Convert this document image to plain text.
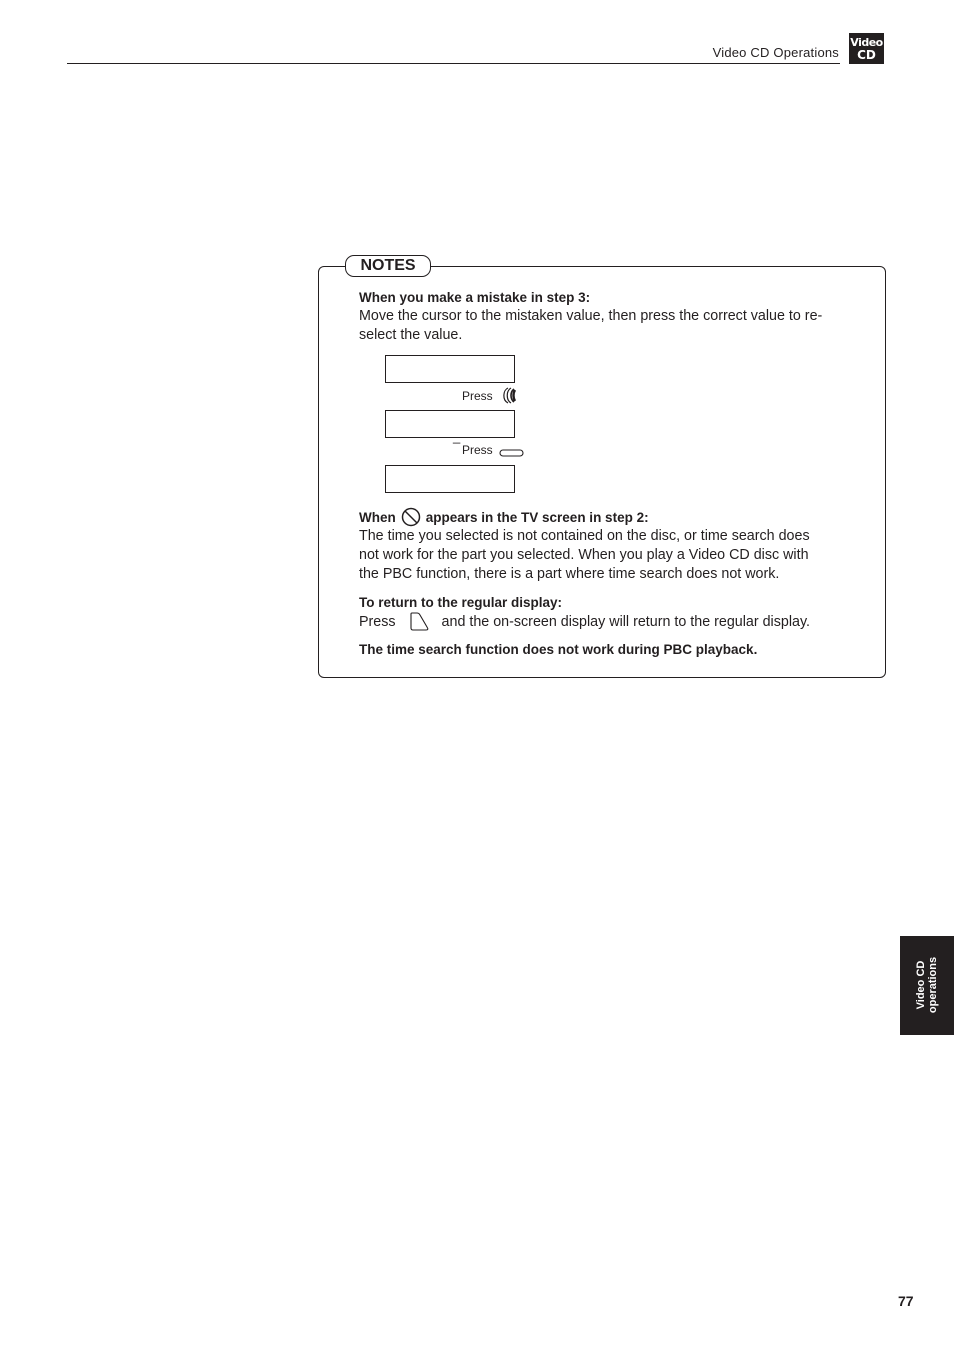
Video CD Operations
Video
CD
NOTES
When you make a mistake in step 3:
Move the cursor to the mistaken value, then press the correct value to re-
select the value.
Press
_
Press
When appears in the TV screen in step 2:
The time you selected is not contained on the disc, or time search does
not work for the part you selected. When you play a Video CD disc with
the PBC function, there is a part where time search does not work.
To return to the regular display:
Press	and the on-screen display will return to the regular display.
The time search function does not work during PBC playback.
Video CD operations
77
